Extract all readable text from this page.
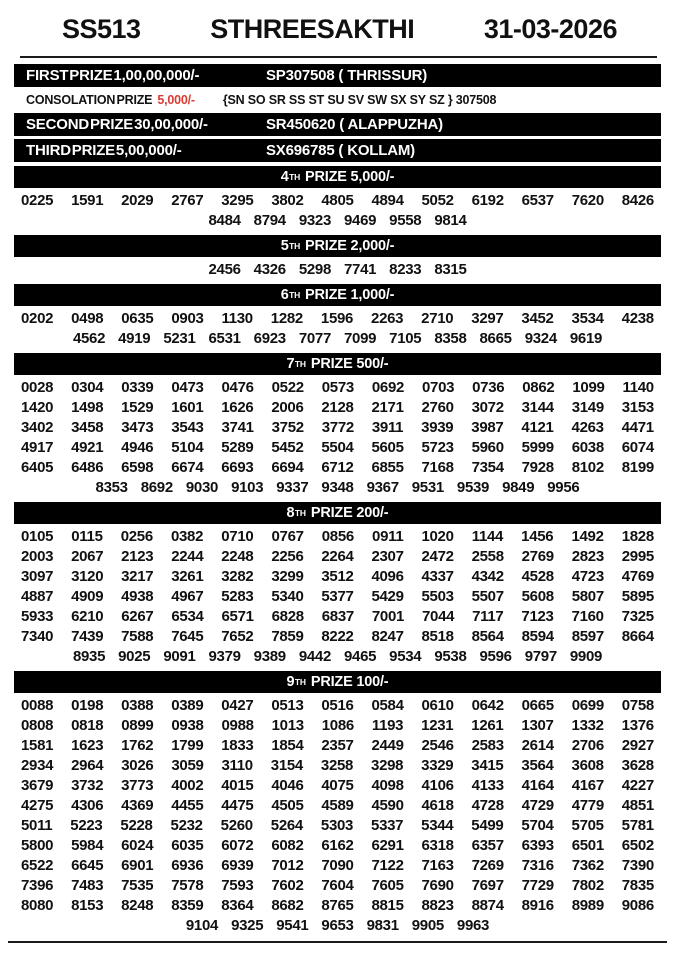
SS513	STHREE SAKTHI	31-03-2026
FIRST PRIZE 1,00,00,000/-	SP307508 ( THRISSUR)
CONSOLATION PRIZE 5,000/- {SN SO SR SS ST SU SV SW SX SY SZ } 307508
SECOND PRIZE 30,00,000/-	SR450620 ( ALAPPUZHA)
THIRD PRIZE 5,00,000/-	SX696785 ( KOLLAM)
4 TH PRIZE 5,000/-
0225 1591 2029 2767 3295 3802 4805 4894 5052 6192 6537 7620 8426
8484 8794 9323 9469 9558 9814
5 TH PRIZE 2,000/-
2456 4326 5298 7741 8233 8315
6 TH PRIZE 1,000/-
0202 0498 0635 0903 1130 1282 1596 2263 2710 3297 3452 3534 4238
4562 4919 5231 6531 6923 7077 7099 7105 8358 8665 9324 9619
7 TH PRIZE 500/-
0028 0304 0339 0473 0476 0522 0573 0692 0703 0736 0862 1099 1140
1420 1498 1529 1601 1626 2006 2128 2171 2760 3072 3144 3149 3153
3402 3458 3473 3543 3741 3752 3772 3911 3939 3987 4121 4263 4471
4917 4921 4946 5104 5289 5452 5504 5605 5723 5960 5999 6038 6074
6405 6486 6598 6674 6693 6694 6712 6855 7168 7354 7928 8102 8199
8353 8692 9030 9103 9337 9348 9367 9531 9539 9849 9956
8 TH PRIZE 200/-
0105 0115 0256 0382 0710 0767 0856 0911 1020 1144 1456 1492 1828
2003 2067 2123 2244 2248 2256 2264 2307 2472 2558 2769 2823 2995
3097 3120 3217 3261 3282 3299 3512 4096 4337 4342 4528 4723 4769
4887 4909 4938 4967 5283 5340 5377 5429 5503 5507 5608 5807 5895
5933 6210 6267 6534 6571 6828 6837 7001 7044 7117 7123 7160 7325
7340 7439 7588 7645 7652 7859 8222 8247 8518 8564 8594 8597 8664
8935 9025 9091 9379 9389 9442 9465 9534 9538 9596 9797 9909
9 TH PRIZE 100/-
0088 0198 0388 0389 0427 0513 0516 0584 0610 0642 0665 0699 0758
0808 0818 0899 0938 0988 1013 1086 1193 1231 1261 1307 1332 1376
1581 1623 1762 1799 1833 1854 2357 2449 2546 2583 2614 2706 2927
2934 2964 3026 3059 3110 3154 3258 3298 3329 3415 3564 3608 3628
3679 3732 3773 4002 4015 4046 4075 4098 4106 4133 4164 4167 4227
4275 4306 4369 4455 4475 4505 4589 4590 4618 4728 4729 4779 4851
5011 5223 5228 5232 5260 5264 5303 5337 5344 5499 5704 5705 5781
5800 5984 6024 6035 6072 6082 6162 6291 6318 6357 6393 6501 6502
6522 6645 6901 6936 6939 7012 7090 7122 7163 7269 7316 7362 7390
7396 7483 7535 7578 7593 7602 7604 7605 7690 7697 7729 7802 7835
8080 8153 8248 8359 8364 8682 8765 8815 8823 8874 8916 8989 9086
9104 9325 9541 9653 9831 9905 9963
